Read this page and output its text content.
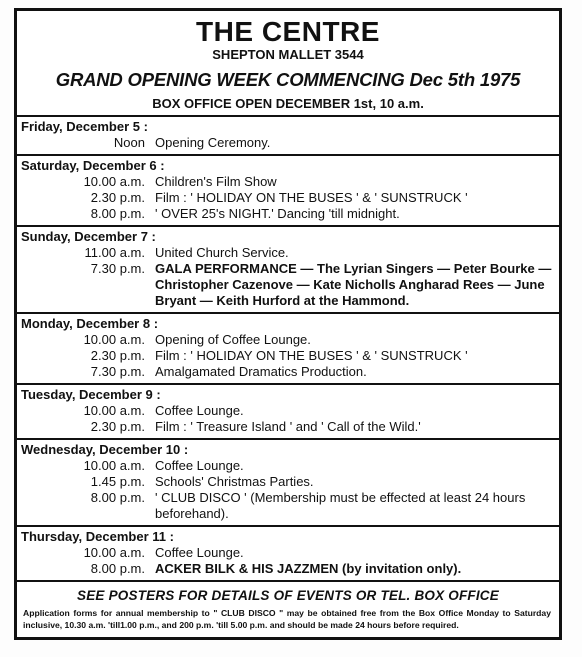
THE CENTRE
SHEPTON MALLET 3544
GRAND OPENING WEEK COMMENCING Dec 5th 1975
BOX OFFICE OPEN DECEMBER 1st, 10 a.m.
Friday, December 5 :
Noon Opening Ceremony.
Saturday, December 6 :
10.00 a.m. Children's Film Show
2.30 p.m. Film : ' HOLIDAY ON THE BUSES ' & ' SUNSTRUCK '
8.00 p.m. ' OVER 25's NIGHT.' Dancing 'till midnight.
Sunday, December 7 :
11.00 a.m. United Church Service.
7.30 p.m. GALA PERFORMANCE — The Lyrian Singers — Peter Bourke — Christopher Cazenove — Kate Nicholls Angharad Rees — June Bryant — Keith Hurford at the Hammond.
Monday, December 8 :
10.00 a.m. Opening of Coffee Lounge.
2.30 p.m. Film : ' HOLIDAY ON THE BUSES ' & ' SUNSTRUCK '
7.30 p.m. Amalgamated Dramatics Production.
Tuesday, December 9 :
10.00 a.m. Coffee Lounge.
2.30 p.m. Film : ' Treasure Island ' and ' Call of the Wild.'
Wednesday, December 10 :
10.00 a.m. Coffee Lounge.
1.45 p.m. Schools' Christmas Parties.
8.00 p.m. ' CLUB DISCO ' (Membership must be effected at least 24 hours beforehand).
Thursday, December 11 :
10.00 a.m. Coffee Lounge.
8.00 p.m. ACKER BILK & HIS JAZZMEN (by invitation only).
SEE POSTERS FOR DETAILS OF EVENTS OR TEL. BOX OFFICE
Application forms for annual membership to " CLUB DISCO " may be obtained free from the Box Office Monday to Saturday inclusive, 10.30 a.m. 'till1.00 p.m., and 200 p.m. 'till 5.00 p.m. and should be made 24 hours before required.
